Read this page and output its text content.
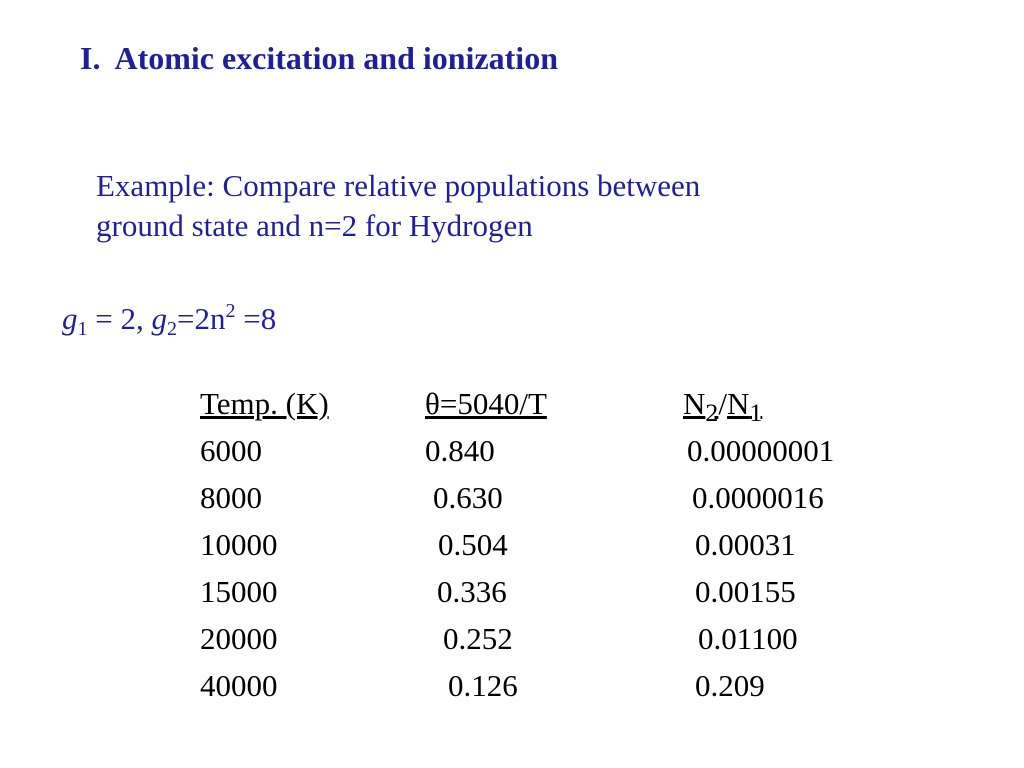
I. Atomic excitation and ionization
Example: Compare relative populations between
ground state and n=2 for Hydrogen
$g_1 = 2$, $g_2=2n^2 =8$
Temp. (K)	θ=5040/T	$N_2/N_1$
6000	0.840	0.00000001
8000	0.630	0.0000016
10000	0.504	0.00031
15000	0.336	0.00155
20000	0.252	0.01100
40000	0.126	0.209
